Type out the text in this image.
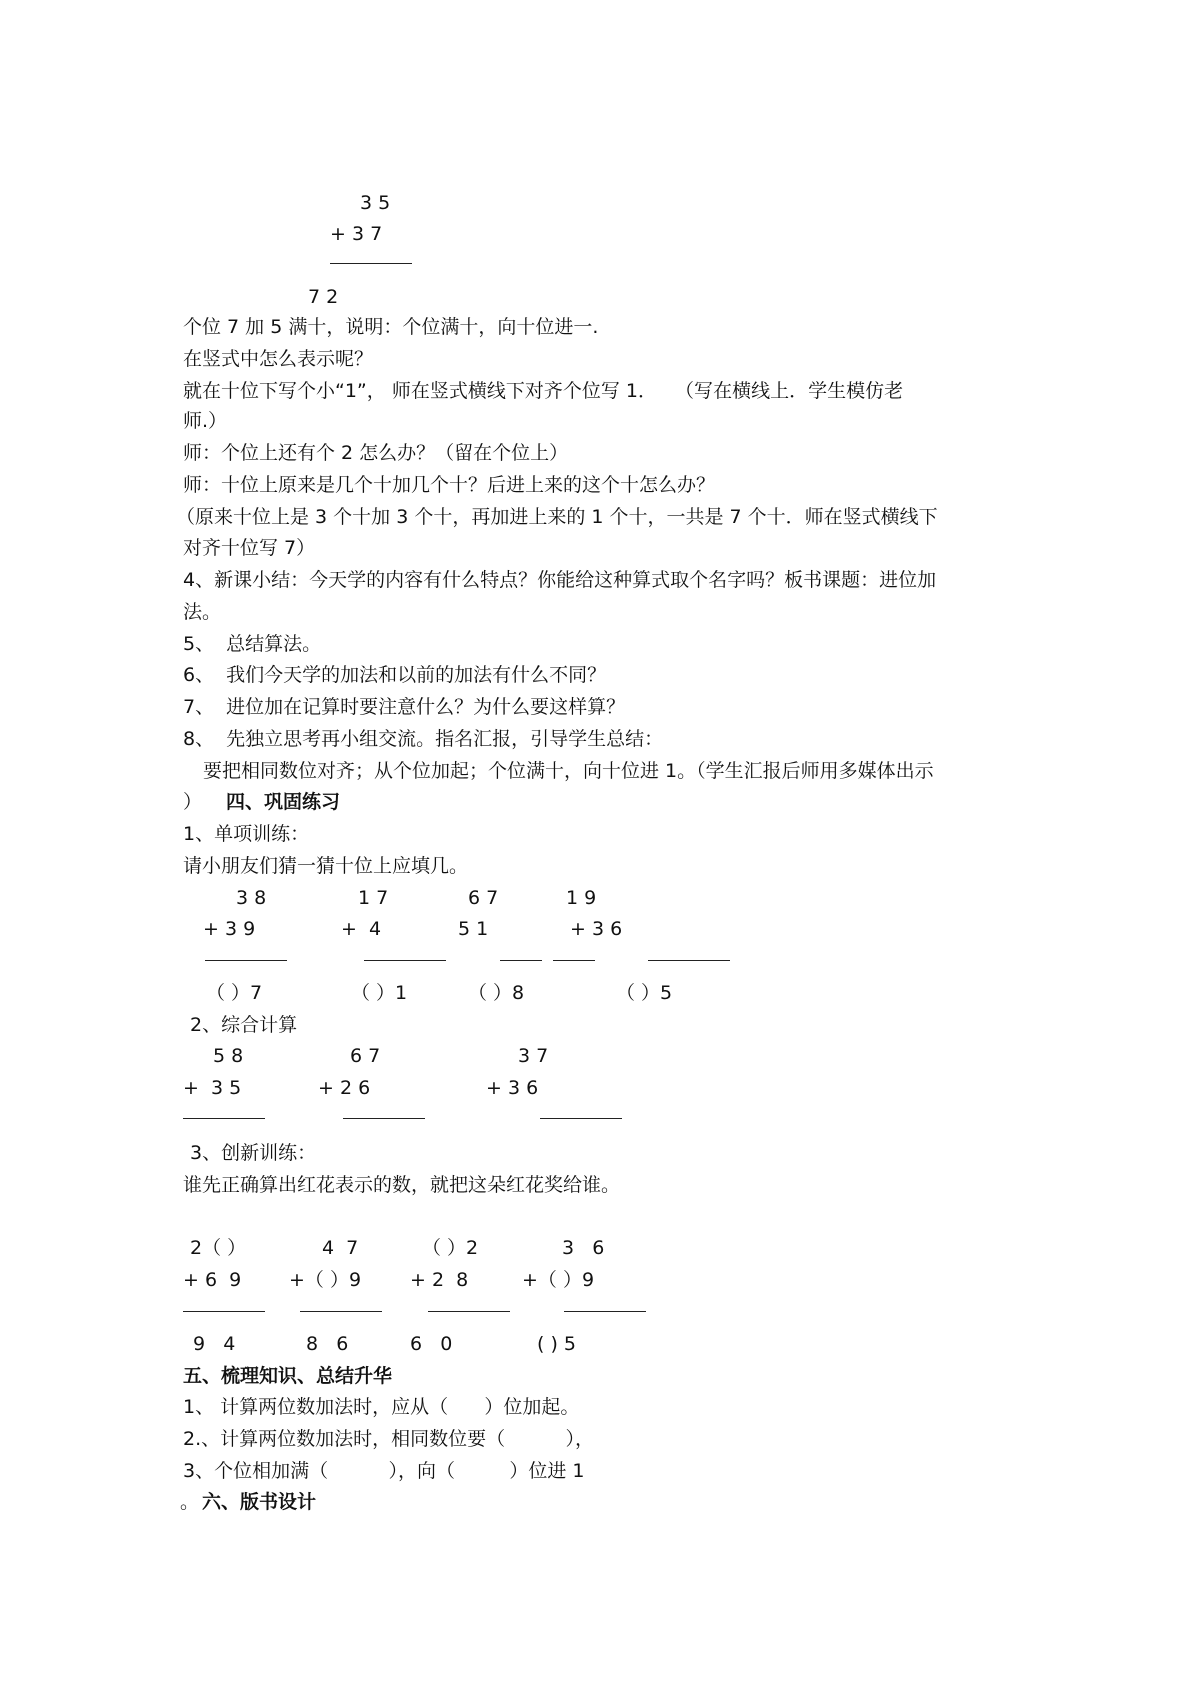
3 5
+ 3 7
7 2
个位 7 加 5 满十，说明：个位满十，向十位进一.
在竖式中怎么表示呢？
就在十位下写个小“1”， 师在竖式横线下对齐个位写 1．   （写在横线上．学生模仿老
师.）
师：个位上还有个 2 怎么办？（留在个位上）
师：十位上原来是几个十加几个十？后进上来的这个十怎么办？
（原来十位上是 3 个十加 3 个十，再加进上来的 1 个十，一共是 7 个十．师在竖式横线下
对齐十位写 7）
4、新课小结：今天学的内容有什么特点？你能给这种算式取个名字吗？板书课题：进位加
法。
5、  总结算法。
6、  我们今天学的加法和以前的加法有什么不同？
7、  进位加在记算时要注意什么？为什么要这样算？
8、  先独立思考再小组交流。指名汇报，引导学生总结：
要把相同数位对齐；从个位加起；个位满十，向十位进 1。（学生汇报后师用多媒体出示
） 四、巩固练习
1、单项训练：
请小朋友们猜一猜十位上应填几。
3 8	1 7	6 7	1 9
+ 3 9	+  4	5 1	+ 3 6
（ ）7	（ ）1	（ ）8	（ ）5
2、综合计算
5 8	6 7	3 7
+  3 5	+ 2 6	+ 3 6
3、创新训练：
谁先正确算出红花表示的数，就把这朵红花奖给谁。
2（ ）	4  7	（ ）2	3   6
+ 6  9	+（ ）9	+ 2  8	+（ ）9
9   4	8   6	6   0	( ) 5
五、梳理知识、总结升华
1、 计算两位数加法时，应从（      ）位加起。
2.、计算两位数加法时，相同数位要（          ），
3、个位相加满（          ），向（         ）位进 1
。 六、版书设计
